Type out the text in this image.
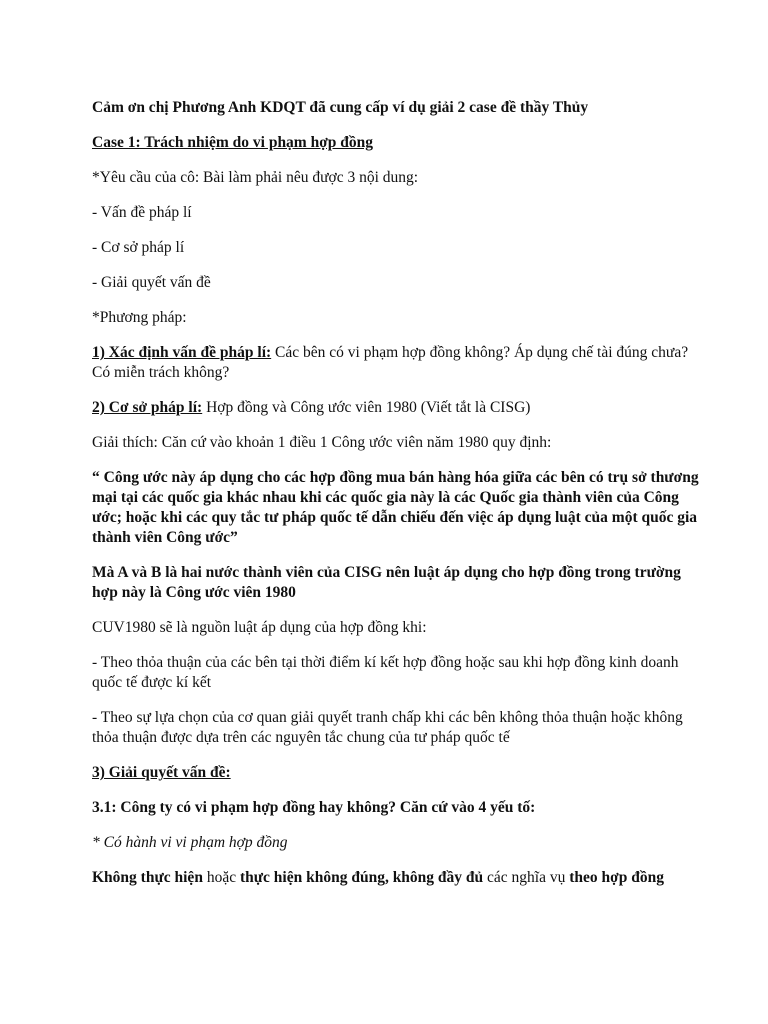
Cảm ơn chị Phương Anh KDQT đã cung cấp ví dụ giải 2 case đề thầy Thủy

Case 1: Trách nhiệm do vi phạm hợp đồng

*Yêu cầu của cô: Bài làm phải nêu được 3 nội dung:

- Vấn đề pháp lí

- Cơ sở pháp lí

- Giải quyết vấn đề

*Phương pháp:

1) Xác định vấn đề pháp lí: Các bên có vi phạm hợp đồng không? Áp dụng chế tài đúng chưa? Có miễn trách không?

2) Cơ sở pháp lí: Hợp đồng và Công ước viên 1980 (Viết tắt là CISG)

Giải thích: Căn cứ vào khoản 1 điều 1 Công ước viên năm 1980 quy định:

“ Công ước này áp dụng cho các hợp đồng mua bán hàng hóa giữa các bên có trụ sở thương mại tại các quốc gia khác nhau khi các quốc gia này là các Quốc gia thành viên của Công ước; hoặc khi các quy tắc tư pháp quốc tế dẫn chiếu đến việc áp dụng luật của một quốc gia thành viên Công ước”

Mà A và B là hai nước thành viên của CISG nên luật áp dụng cho hợp đồng trong trường hợp này là Công ước viên 1980

CUV1980 sẽ là nguồn luật áp dụng của hợp đồng khi:

- Theo thỏa thuận của các bên tại thời điểm kí kết hợp đồng hoặc sau khi hợp đồng kinh doanh quốc tế được kí kết

- Theo sự lựa chọn của cơ quan giải quyết tranh chấp khi các bên không thỏa thuận hoặc không thỏa thuận được dựa trên các nguyên tắc chung của tư pháp quốc tế

3) Giải quyết vấn đề:

3.1: Công ty có vi phạm hợp đồng hay không? Căn cứ vào 4 yếu tố:

* Có hành vi vi phạm hợp đồng

Không thực hiện hoặc thực hiện không đúng, không đầy đủ các nghĩa vụ theo hợp đồng
